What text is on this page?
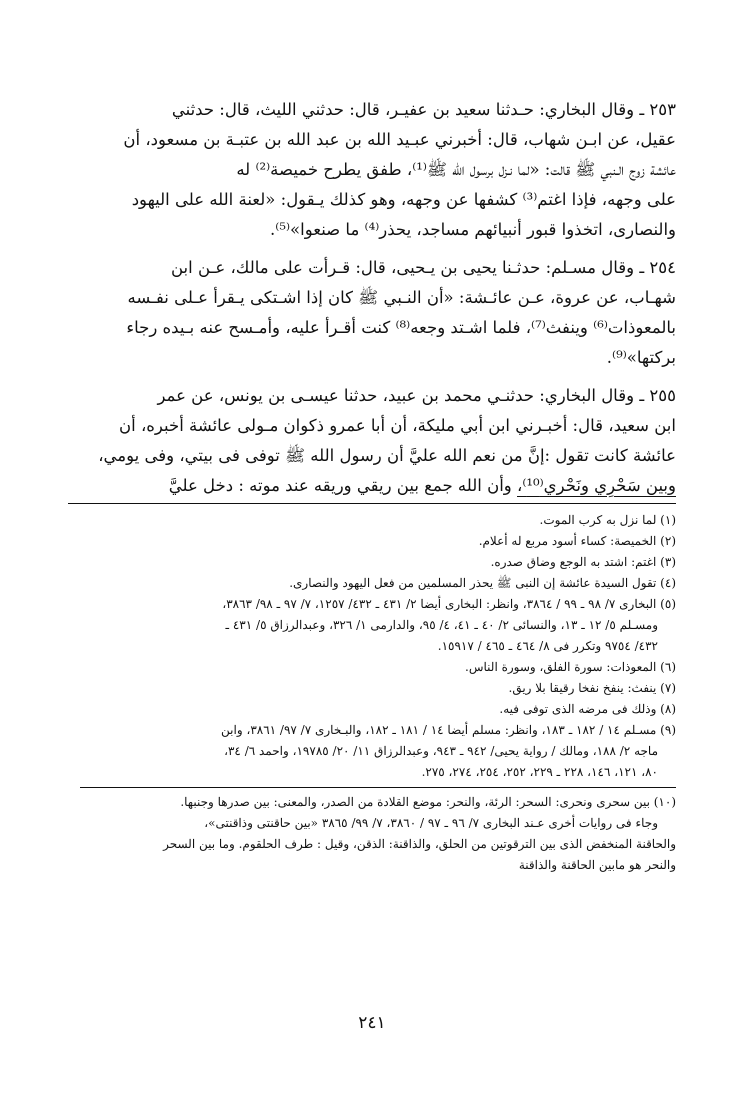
٢٥٣ ـ وقال البخاري: حـدثنا سعيد بن عفيـر، قال: حدثني الليث، قال: حدثني
عقيل، عن ابـن شهاب، قال: أخبرني عبـيد الله بن عبد الله بن عتبـة بن مسعود، أن
عائشة زوج الـنبي ﷺ قالت: «لما نـزل برسول الله ﷺ⁽¹⁾، طفق يطرح خميصة⁽²⁾ له
على وجهه، فإذا اغتم⁽³⁾ كشفها عن وجهه، وهو كذلك يـقول: «لعنة الله على اليهود
والنصارى، اتخذوا قبور أنبيائهم مساجد، يحذر⁽⁴⁾ ما صنعوا»⁽⁵⁾.

٢٥٤ ـ وقال مسـلم: حدثـنا يحيى بن يـحيى، قال: قـرأت على مالك، عـن ابن
شهـاب، عن عروة، عـن عائـشة: «أن النـبي ﷺ كان إذا اشـتكى يـقرأ عـلى نفـسه
بالمعوذات⁽⁶⁾ وينفث⁽⁷⁾، فلما اشـتد وجعه⁽⁸⁾ كنت أقـرأ عليه، وأمـسح عنه بـيده رجاء
بركتها»⁽⁹⁾.

٢٥٥ ـ وقال البخاري: حدثنـي محمد بن عبيد، حدثنا عيسـى بن يونس، عن عمر
ابن سعيد، قال: أخبـرني ابن أبي مليكة، أن أبا عمرو ذكوان مـولى عائشة أخبره، أن
عائشة كانت تقول :إنَّ من نعم الله عليَّ أن رسول الله ﷺ توفى فى بيتي، وفى يومي،
وبين سَحْرِي ونَحْري⁽¹⁰⁾، وأن الله جمع بين ريقي وريقه عند موته : دخل عليَّ

(١) لما نزل به كرب الموت.

(٢) الخميصة: كساء أسود مربع له أعلام.

(٣) اغتم: اشتد به الوجع وضاق صدره.

(٤) تقول السيدة عائشة إن النبى ﷺ يحذر المسلمين من فعل اليهود والنصارى.

(٥) البخارى ٧/ ٩٨ ـ ٩٩ / ٣٨٦٤، وانظر: البخارى أيضا ٢/ ٤٣١ ـ ٤٣٢/ ١٢٥٧، ٧/ ٩٧ ـ ٩٨/ ٣٨٦٣،

ومسـلم ٥/ ١٢ ـ ١٣، والنسائى ٢/ ٤٠ ـ ٤١، ٤/ ٩٥، والدارمى ١/ ٣٢٦، وعبدالرزاق ٥/ ٤٣١ ـ

٤٣٢/ ٩٧٥٤ وتكرر فى ٨/ ٤٦٤ ـ ٤٦٥ / ١٥٩١٧.

(٦) المعوذات: سورة الفلق، وسورة الناس.

(٧) ينفث: ينفخ نفخا رقيقا بلا ريق.

(٨) وذلك فى مرضه الذى توفى فيه.

(٩) مسـلم ١٤ / ١٨٢ ـ ١٨٣، وانظر: مسلم أيضا ١٤ / ١٨١ ـ ١٨٢، والبـخارى ٧/ ٩٧/ ٣٨٦١، وابن

ماجه ٢/ ١٨٨، ومالك / رواية يحيى/ ٩٤٢ ـ ٩٤٣، وعبدالرزاق ١١/ ٢٠/ ١٩٧٨٥، واحمد ٦/ ٣٤،

٨٠، ١٢١، ١٤٦، ٢٢٨ ـ ٢٢٩، ٢٥٢، ٢٥٤، ٢٧٤، ٢٧٥.

(١٠) بين سحرى ونحرى: السحر: الرئة، والنحر: موضع القلادة من الصدر، والمعنى: بين صدرها وجنبها.

وجاء فى روايات أخرى عـند البخارى ٧/ ٩٦ ـ ٩٧ / ٣٨٦٠، ٧/ ٩٩/ ٣٨٦٥ «بين حاقنتى وذاقنتى»،

والحاقنة المنخفض الذى بين الترقوتين من الحلق، والذاقنة: الذقن، وقيل : طرف الحلقوم. وما بين السحر

والنحر هو مابين الحاقنة والذاقنة

٢٤١
